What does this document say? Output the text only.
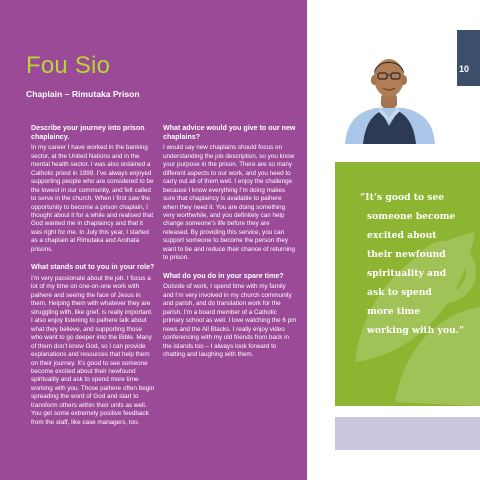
Fou Sio
Chaplain – Rimutaka Prison
Describe your journey into prison chaplaincy.

In my career I have worked in the banking sector, at the United Nations and in the mental health sector. I was also ordained a Catholic priest in 1999. I’ve always enjoyed supporting people who are considered to be the lowest in our community, and felt called to serve in the church. When I first saw the opportunity to become a prison chaplain, I thought about it for a while and realised that God wanted me in chaplaincy and that it was right for me. In July this year, I started as a chaplain at Rimutaka and Arohata prisons.

What stands out to you in your role?

I’m very passionate about the job. I focus a lot of my time on one-on-one work with paihere and seeing the face of Jesus in them. Helping them with whatever they are struggling with, like grief, is really important. I also enjoy listening to paihere talk about what they believe, and supporting those who want to go deeper into the Bible. Many of them don’t know God, so I can provide explanations and resources that help them on their journey. It’s good to see someone become excited about their newfound spirituality and ask to spend more time working with you. Those paihere often begin spreading the word of God and start to transform others within their units as well. You get some extremely positive feedback from the staff, like case managers, too.

What advice would you give to our new chaplains?

I would say new chaplains should focus on understanding the job description, so you know your purpose in the prison. There are so many different aspects to our work, and you need to carry out all of them well. I enjoy the challenge because I know everything I’m doing makes sure that chaplaincy is available to paihere when they need it. You are doing something very worthwhile, and you definitely can help change someone’s life before they are released. By providing this service, you can support someone to become the person they want to be and reduce their chance of returning to prison.

What do you do in your spare time?

Outside of work, I spend time with my family and I’m very involved in my church community and parish, and do translation work for the parish. I’m a board member of a Catholic primary school as well. I love watching the 6 pm news and the All Blacks. I really enjoy video conferencing with my old friends from back in the islands too – I always look forward to chatting and laughing with them.

“It’s good to see
someone become
excited about
their newfound
spirituality and
ask to spend
more time
working with you.”

10
